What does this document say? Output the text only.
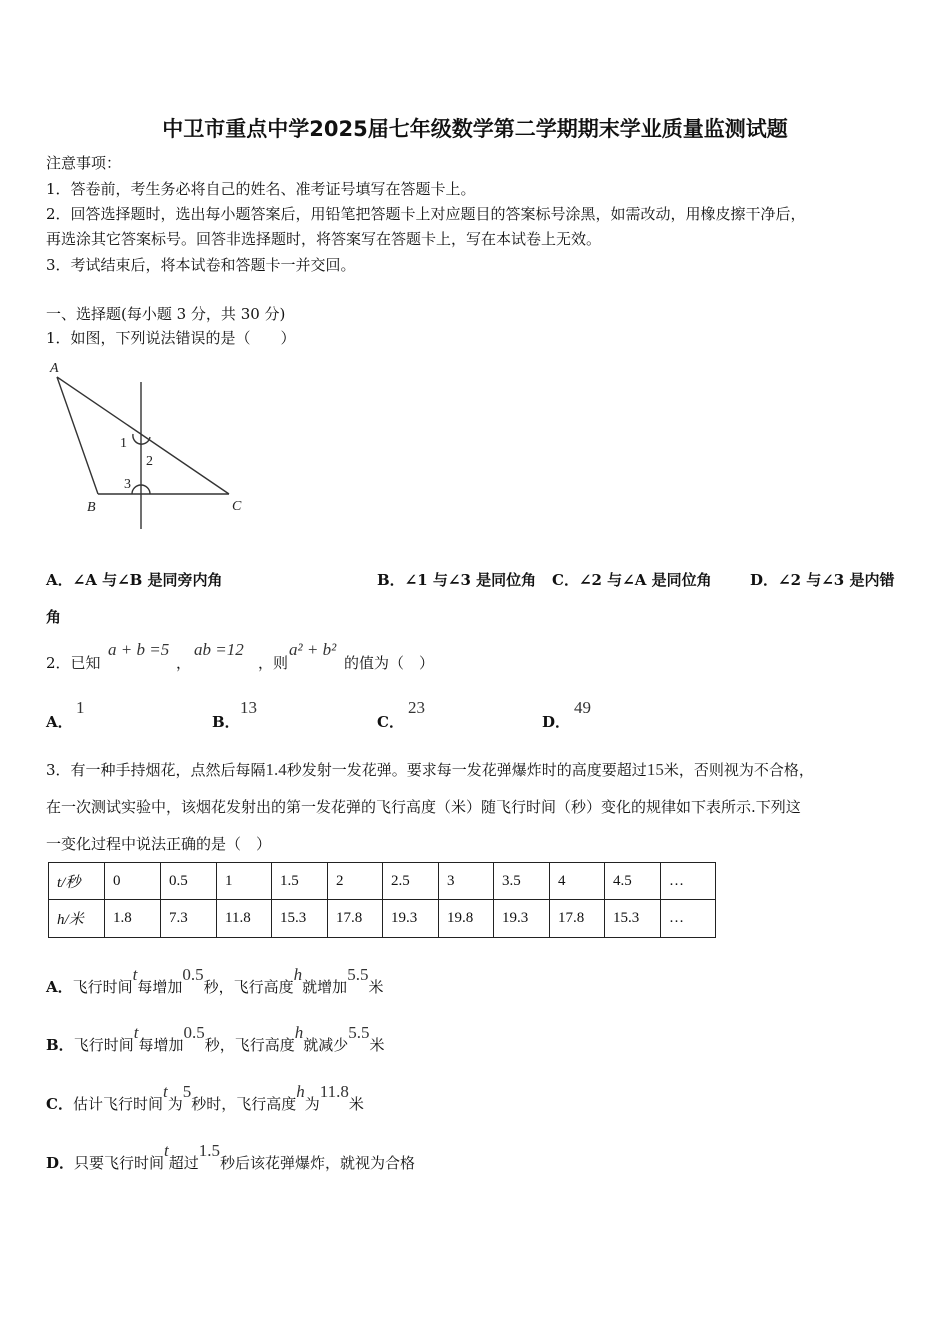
中卫市重点中学2025届七年级数学第二学期期末学业质量监测试题
注意事项：
1．答卷前，考生务必将自己的姓名、准考证号填写在答题卡上。
2．回答选择题时，选出每小题答案后，用铅笔把答题卡上对应题目的答案标号涂黑，如需改动，用橡皮擦干净后，
再选涂其它答案标号。回答非选择题时，将答案写在答题卡上，写在本试卷上无效。
3．考试结束后，将本试卷和答题卡一并交回。
一、选择题(每小题 3 分，共 30 分)
1．如图，下列说法错误的是（　　）
A
B	C
1
2
3
A．∠A 与∠B 是同旁内角	B．∠1 与∠3 是同位角 C．∠2 与∠A 是同位角	D．∠2 与∠3 是内错
角
2．已知
a + b =5
，
ab =12
，则
a² + b²
的值为（　）
A．
1
B．
13
C．
23
D．
49
3．有一种手持烟花，点然后每隔1.4秒发射一发花弹。要求每一发花弹爆炸时的高度要超过15米，否则视为不合格，
在一次测试实验中，该烟花发射出的第一发花弹的飞行高度（米）随飞行时间（秒）变化的规律如下表所示.下列这
一变化过程中说法正确的是（　）
t/秒	0	0.5	1	1.5	2	2.5	3	3.5	4	4.5	…
h/米	1.8	7.3	11.8	15.3	17.8	19.3	19.8	19.3	17.8	15.3	…
A．飞行时间t每增加0.5秒，飞行高度h就增加5.5米
B．飞行时间t每增加0.5秒，飞行高度h就减少5.5米
C．估计飞行时间t为5秒时，飞行高度h为11.8米
D．只要飞行时间t超过1.5秒后该花弹爆炸，就视为合格
